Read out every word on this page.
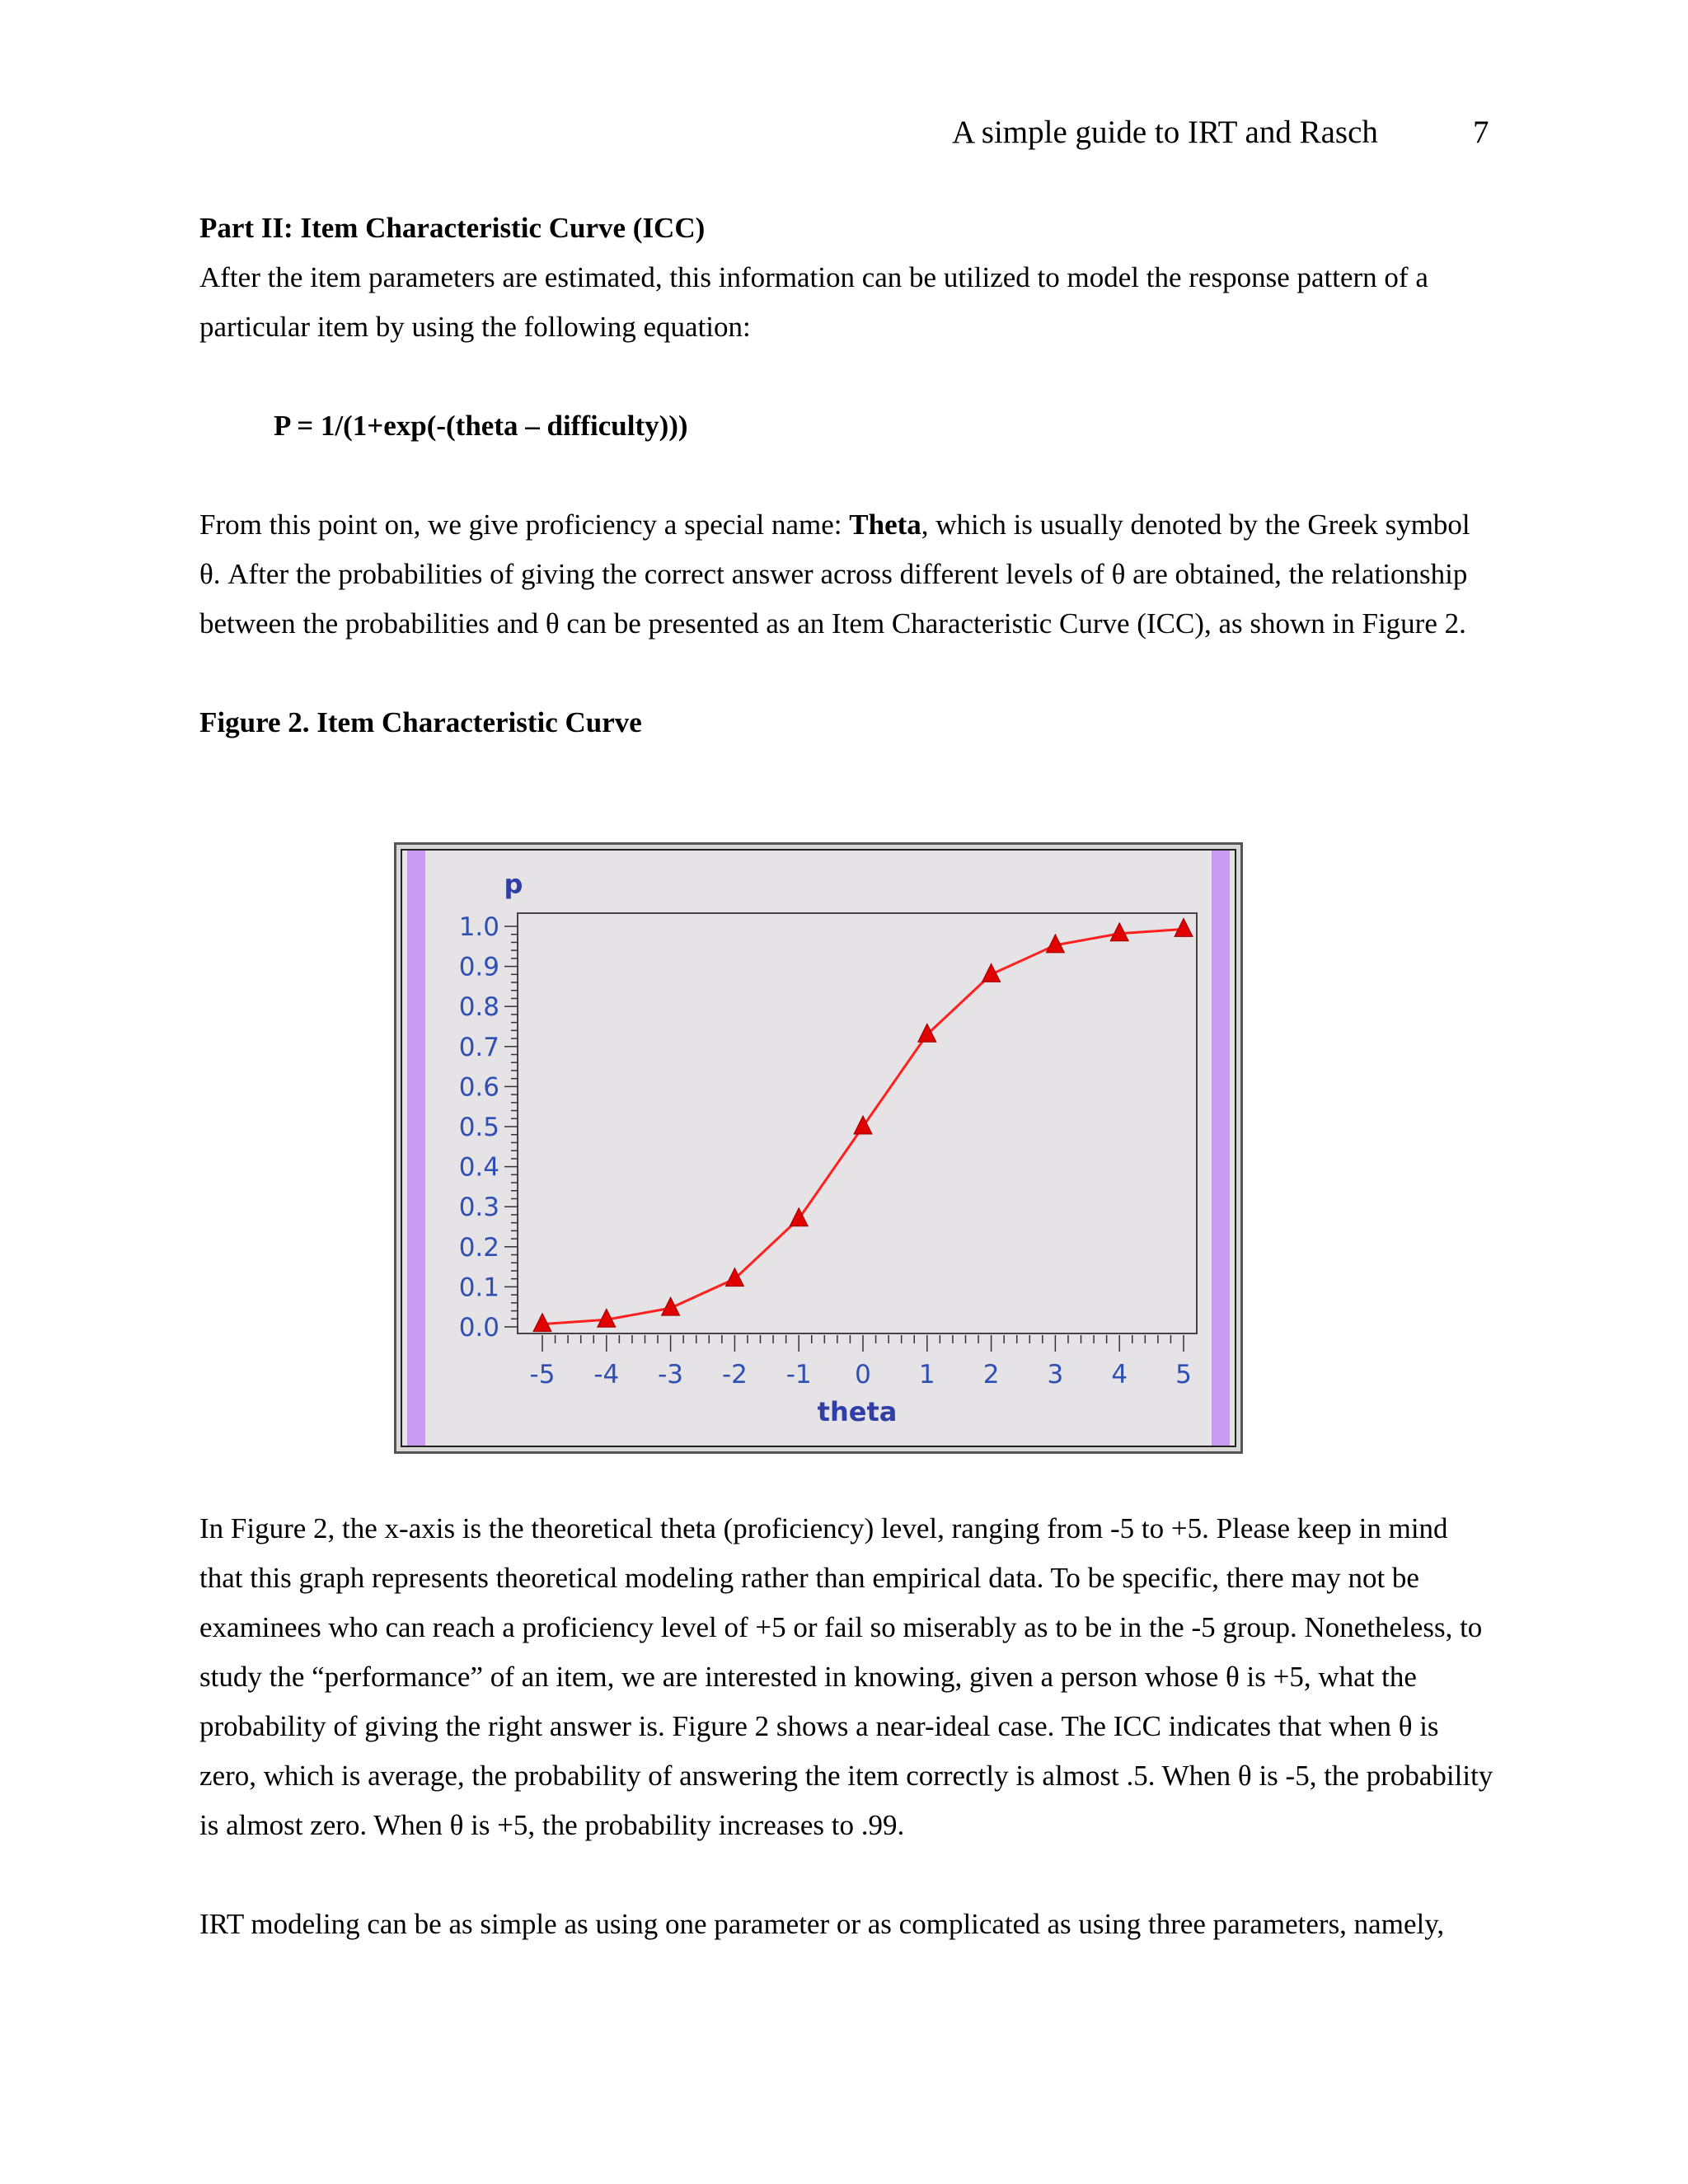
A simple guide to IRT and Rasch	7

Part II: Item Characteristic Curve (ICC)

After the item parameters are estimated, this information can be utilized to model the response pattern of a particular item by using the following equation:

P = 1/(1+exp(-(theta – difficulty)))

From this point on, we give proficiency a special name: Theta, which is usually denoted by the Greek symbol θ. After the probabilities of giving the correct answer across different levels of θ are obtained, the relationship between the probabilities and θ can be presented as an Item Characteristic Curve (ICC), as shown in Figure 2.

Figure 2. Item Characteristic Curve

0.0
0.1
0.2
0.3
0.4
0.5
0.6
0.7
0.8
0.9
1.0
-5 -4 -3 -2 -1 0 1 2 3 4 5
p
theta

In Figure 2, the x-axis is the theoretical theta (proficiency) level, ranging from -5 to +5. Please keep in mind that this graph represents theoretical modeling rather than empirical data. To be specific, there may not be examinees who can reach a proficiency level of +5 or fail so miserably as to be in the -5 group. Nonetheless, to study the “performance” of an item, we are interested in knowing, given a person whose θ is +5, what the probability of giving the right answer is. Figure 2 shows a near-ideal case. The ICC indicates that when θ is zero, which is average, the probability of answering the item correctly is almost .5. When θ is -5, the probability is almost zero. When θ is +5, the probability increases to .99.

IRT modeling can be as simple as using one parameter or as complicated as using three parameters, namely,
